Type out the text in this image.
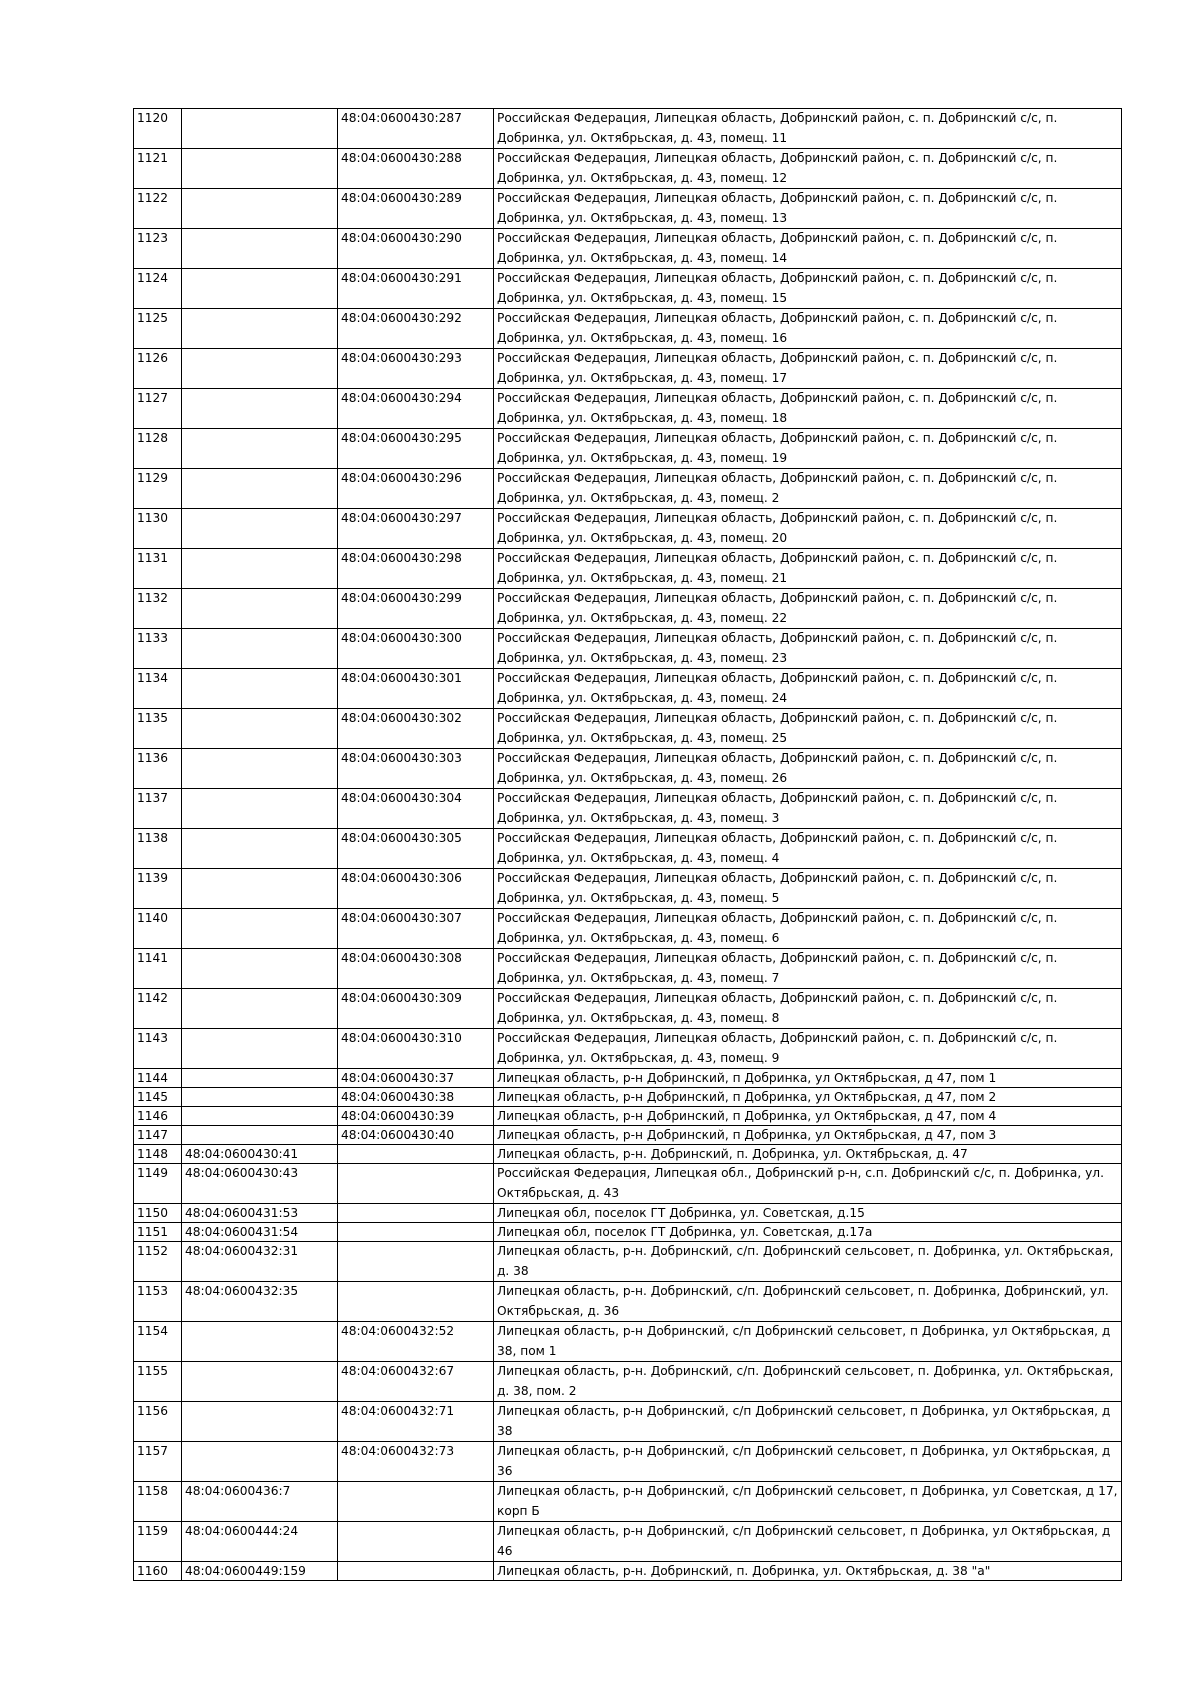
1120		48:04:0600430:287	Российская Федерация, Липецкая область, Добринский район, с. п. Добринский с/с, п. Добринка, ул. Октябрьская, д. 43, помещ. 11
1121		48:04:0600430:288	Российская Федерация, Липецкая область, Добринский район, с. п. Добринский с/с, п. Добринка, ул. Октябрьская, д. 43, помещ. 12
1122		48:04:0600430:289	Российская Федерация, Липецкая область, Добринский район, с. п. Добринский с/с, п. Добринка, ул. Октябрьская, д. 43, помещ. 13
1123		48:04:0600430:290	Российская Федерация, Липецкая область, Добринский район, с. п. Добринский с/с, п. Добринка, ул. Октябрьская, д. 43, помещ. 14
1124		48:04:0600430:291	Российская Федерация, Липецкая область, Добринский район, с. п. Добринский с/с, п. Добринка, ул. Октябрьская, д. 43, помещ. 15
1125		48:04:0600430:292	Российская Федерация, Липецкая область, Добринский район, с. п. Добринский с/с, п. Добринка, ул. Октябрьская, д. 43, помещ. 16
1126		48:04:0600430:293	Российская Федерация, Липецкая область, Добринский район, с. п. Добринский с/с, п. Добринка, ул. Октябрьская, д. 43, помещ. 17
1127		48:04:0600430:294	Российская Федерация, Липецкая область, Добринский район, с. п. Добринский с/с, п. Добринка, ул. Октябрьская, д. 43, помещ. 18
1128		48:04:0600430:295	Российская Федерация, Липецкая область, Добринский район, с. п. Добринский с/с, п. Добринка, ул. Октябрьская, д. 43, помещ. 19
1129		48:04:0600430:296	Российская Федерация, Липецкая область, Добринский район, с. п. Добринский с/с, п. Добринка, ул. Октябрьская, д. 43, помещ. 2
1130		48:04:0600430:297	Российская Федерация, Липецкая область, Добринский район, с. п. Добринский с/с, п. Добринка, ул. Октябрьская, д. 43, помещ. 20
1131		48:04:0600430:298	Российская Федерация, Липецкая область, Добринский район, с. п. Добринский с/с, п. Добринка, ул. Октябрьская, д. 43, помещ. 21
1132		48:04:0600430:299	Российская Федерация, Липецкая область, Добринский район, с. п. Добринский с/с, п. Добринка, ул. Октябрьская, д. 43, помещ. 22
1133		48:04:0600430:300	Российская Федерация, Липецкая область, Добринский район, с. п. Добринский с/с, п. Добринка, ул. Октябрьская, д. 43, помещ. 23
1134		48:04:0600430:301	Российская Федерация, Липецкая область, Добринский район, с. п. Добринский с/с, п. Добринка, ул. Октябрьская, д. 43, помещ. 24
1135		48:04:0600430:302	Российская Федерация, Липецкая область, Добринский район, с. п. Добринский с/с, п. Добринка, ул. Октябрьская, д. 43, помещ. 25
1136		48:04:0600430:303	Российская Федерация, Липецкая область, Добринский район, с. п. Добринский с/с, п. Добринка, ул. Октябрьская, д. 43, помещ. 26
1137		48:04:0600430:304	Российская Федерация, Липецкая область, Добринский район, с. п. Добринский с/с, п. Добринка, ул. Октябрьская, д. 43, помещ. 3
1138		48:04:0600430:305	Российская Федерация, Липецкая область, Добринский район, с. п. Добринский с/с, п. Добринка, ул. Октябрьская, д. 43, помещ. 4
1139		48:04:0600430:306	Российская Федерация, Липецкая область, Добринский район, с. п. Добринский с/с, п. Добринка, ул. Октябрьская, д. 43, помещ. 5
1140		48:04:0600430:307	Российская Федерация, Липецкая область, Добринский район, с. п. Добринский с/с, п. Добринка, ул. Октябрьская, д. 43, помещ. 6
1141		48:04:0600430:308	Российская Федерация, Липецкая область, Добринский район, с. п. Добринский с/с, п. Добринка, ул. Октябрьская, д. 43, помещ. 7
1142		48:04:0600430:309	Российская Федерация, Липецкая область, Добринский район, с. п. Добринский с/с, п. Добринка, ул. Октябрьская, д. 43, помещ. 8
1143		48:04:0600430:310	Российская Федерация, Липецкая область, Добринский район, с. п. Добринский с/с, п. Добринка, ул. Октябрьская, д. 43, помещ. 9
1144		48:04:0600430:37	Липецкая область, р-н Добринский, п Добринка, ул Октябрьская, д 47, пом 1
1145		48:04:0600430:38	Липецкая область, р-н Добринский, п Добринка, ул Октябрьская, д 47, пом 2
1146		48:04:0600430:39	Липецкая область, р-н Добринский, п Добринка, ул Октябрьская, д 47, пом 4
1147		48:04:0600430:40	Липецкая область, р-н Добринский, п Добринка, ул Октябрьская, д 47, пом 3
1148	48:04:0600430:41		Липецкая область, р-н. Добринский, п. Добринка, ул. Октябрьская, д. 47
1149	48:04:0600430:43		Российская Федерация, Липецкая обл., Добринский р-н, с.п. Добринский с/с, п. Добринка, ул. Октябрьская, д. 43
1150	48:04:0600431:53		Липецкая обл, поселок ГТ Добринка, ул. Советская, д.15
1151	48:04:0600431:54		Липецкая обл, поселок ГТ Добринка, ул. Советская, д.17а
1152	48:04:0600432:31		Липецкая область, р-н. Добринский, с/п. Добринский сельсовет, п. Добринка, ул. Октябрьская, д. 38
1153	48:04:0600432:35		Липецкая область, р-н. Добринский, с/п. Добринский сельсовет, п. Добринка, Добринский, ул. Октябрьская, д. 36
1154		48:04:0600432:52	Липецкая область, р-н Добринский, с/п Добринский сельсовет, п Добринка, ул Октябрьская, д 38, пом 1
1155		48:04:0600432:67	Липецкая область, р-н. Добринский, с/п. Добринский сельсовет, п. Добринка, ул. Октябрьская, д. 38, пом. 2
1156		48:04:0600432:71	Липецкая область, р-н Добринский, с/п Добринский сельсовет, п Добринка, ул Октябрьская, д 38
1157		48:04:0600432:73	Липецкая область, р-н Добринский, с/п Добринский сельсовет, п Добринка, ул Октябрьская, д 36
1158	48:04:0600436:7		Липецкая область, р-н Добринский, с/п Добринский сельсовет, п Добринка, ул Советская, д 17, корп Б
1159	48:04:0600444:24		Липецкая область, р-н Добринский, с/п Добринский сельсовет, п Добринка, ул Октябрьская, д 46
1160	48:04:0600449:159		Липецкая область, р-н. Добринский, п. Добринка, ул. Октябрьская, д. 38 "а"
